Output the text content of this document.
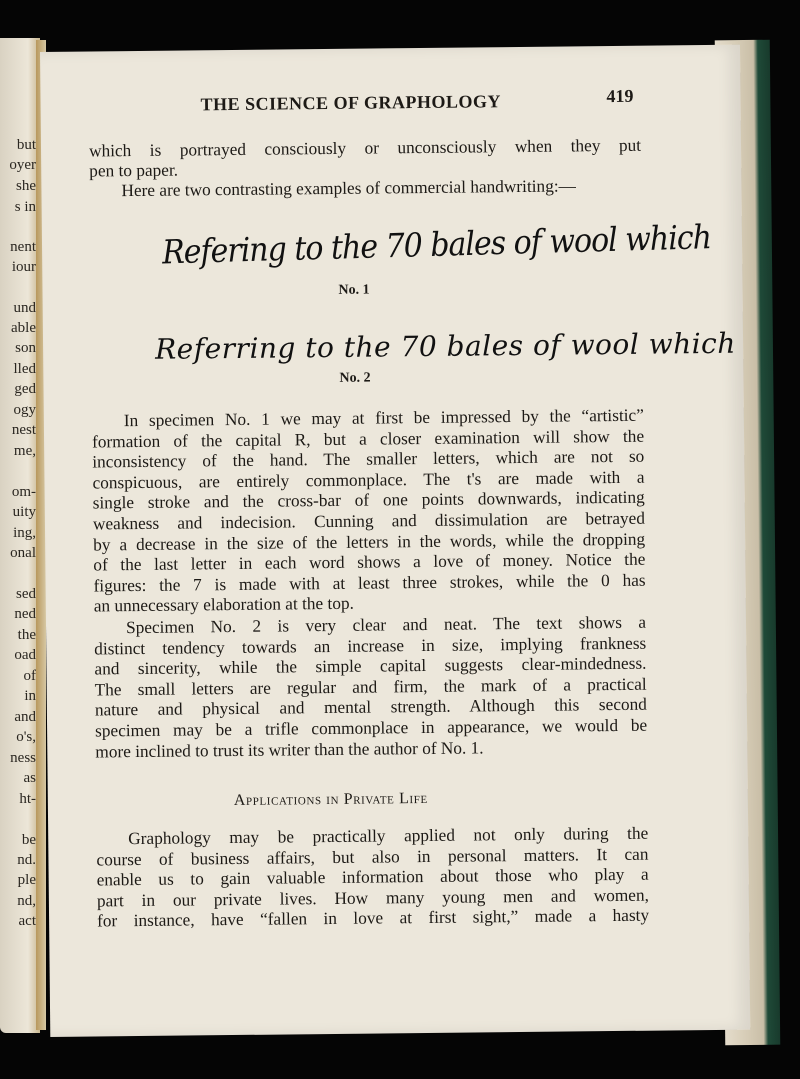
but
oyer
she
s in
nent
iour
und
able
son
lled
ged
ogy
nest
me,
om-
uity
ing,
onal
sed
ned
the
oad
of
in
and
o's,
ness
as
ht-
be
nd.
ple
nd,
act
THE SCIENCE OF GRAPHOLOGY	419
which is portrayed consciously or unconsciously when they put
pen to paper.
Here are two contrasting examples of commercial handwriting:—
Refering to the 70 bales of wool which
No. 1
Referring to the 70 bales of wool which
No. 2
In specimen No. 1 we may at first be impressed by the “artistic”
formation of the capital R, but a closer examination will show the
inconsistency of the hand. The smaller letters, which are not so
conspicuous, are entirely commonplace. The t's are made with a
single stroke and the cross-bar of one points downwards, indicating
weakness and indecision. Cunning and dissimulation are betrayed
by a decrease in the size of the letters in the words, while the dropping
of the last letter in each word shows a love of money. Notice the
figures: the 7 is made with at least three strokes, while the 0 has
an unnecessary elaboration at the top.
Specimen No. 2 is very clear and neat. The text shows a
distinct tendency towards an increase in size, implying frankness
and sincerity, while the simple capital suggests clear-mindedness.
The small letters are regular and firm, the mark of a practical
nature and physical and mental strength. Although this second
specimen may be a trifle commonplace in appearance, we would be
more inclined to trust its writer than the author of No. 1.
Applications in Private Life
Graphology may be practically applied not only during the
course of business affairs, but also in personal matters. It can
enable us to gain valuable information about those who play a
part in our private lives. How many young men and women,
for instance, have “fallen in love at first sight,” made a hasty
